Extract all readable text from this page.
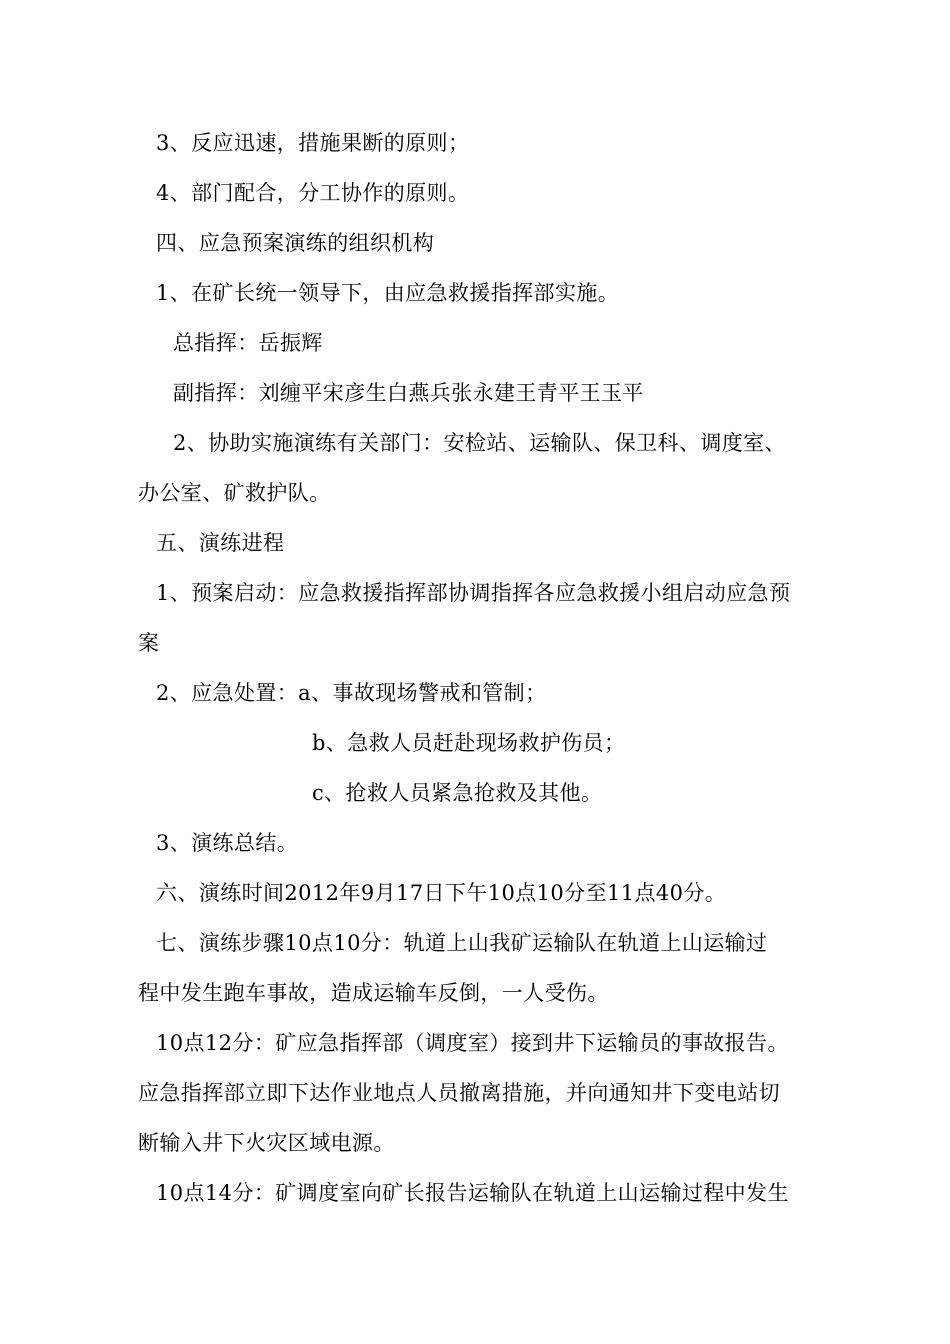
3、反应迅速，措施果断的原则；
4、部门配合，分工协作的原则。
四、应急预案演练的组织机构
1、在矿长统一领导下，由应急救援指挥部实施。
总指挥：岳振辉
副指挥：刘缠平宋彦生白燕兵张永建王青平王玉平
2、协助实施演练有关部门：安检站、运输队、保卫科、调度室、
办公室、矿救护队。
五、演练进程
1、预案启动：应急救援指挥部协调指挥各应急救援小组启动应急预
案
2、应急处置：a、事故现场警戒和管制；
b、急救人员赶赴现场救护伤员；
c、抢救人员紧急抢救及其他。
3、演练总结。
六、演练时间2012年9月17日下午10点10分至11点40分。
七、演练步骤10点10分：轨道上山我矿运输队在轨道上山运输过
程中发生跑车事故，造成运输车反倒，一人受伤。
10点12分：矿应急指挥部（调度室）接到井下运输员的事故报告。
应急指挥部立即下达作业地点人员撤离措施，并向通知井下变电站切
断输入井下火灾区域电源。
10点14分：矿调度室向矿长报告运输队在轨道上山运输过程中发生
